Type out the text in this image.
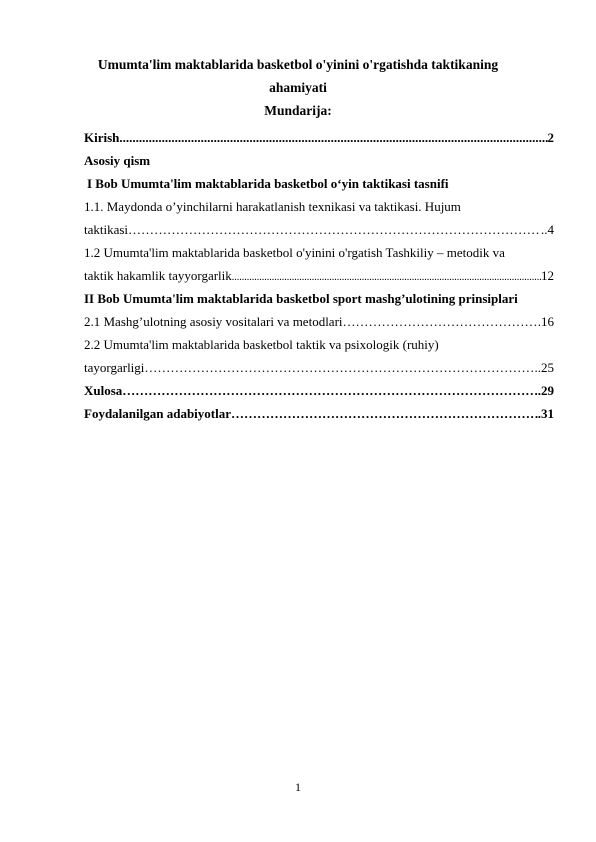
Umumta'lim maktablarida basketbol o'yinini o'rgatishda taktikaning
ahamiyati
Mundarija:
Kirish .....	2
Asosiy qism
I Bob Umumta'lim maktablarida basketbol o‘yin taktikasi tasnifi
1.1. Maydonda o’yinchilarni harakatlanish texnikasi va taktikasi. Hujum
taktikasi …………………………………………………………………………………………………………………………………………………………………………………	..4
1.2 Umumta'lim maktablarida basketbol o'yinini o'rgatish Tashkiliy – metodik va
taktik hakamlik tayyorgarlik .....	12
II Bob Umumta'lim maktablarida basketbol sport mashg’ulotining prinsiplari
2.1 Mashg’ulotning asosiy vositalari va metodlari …………………………………………………………………………………………………………………………………………………………………………………	.16
2.2 Umumta'lim maktablarida basketbol taktik va psixologik (ruhiy)
tayorgarligi …………………………………………………………………………………………………………………………………………………………………………………	..25
Xulosa …………………………………………………………………………………………………………………………………………………………………………………	.29
Foydalanilgan adabiyotlar …………………………………………………………………………………………………………………………………………………………………………………	.31
1
